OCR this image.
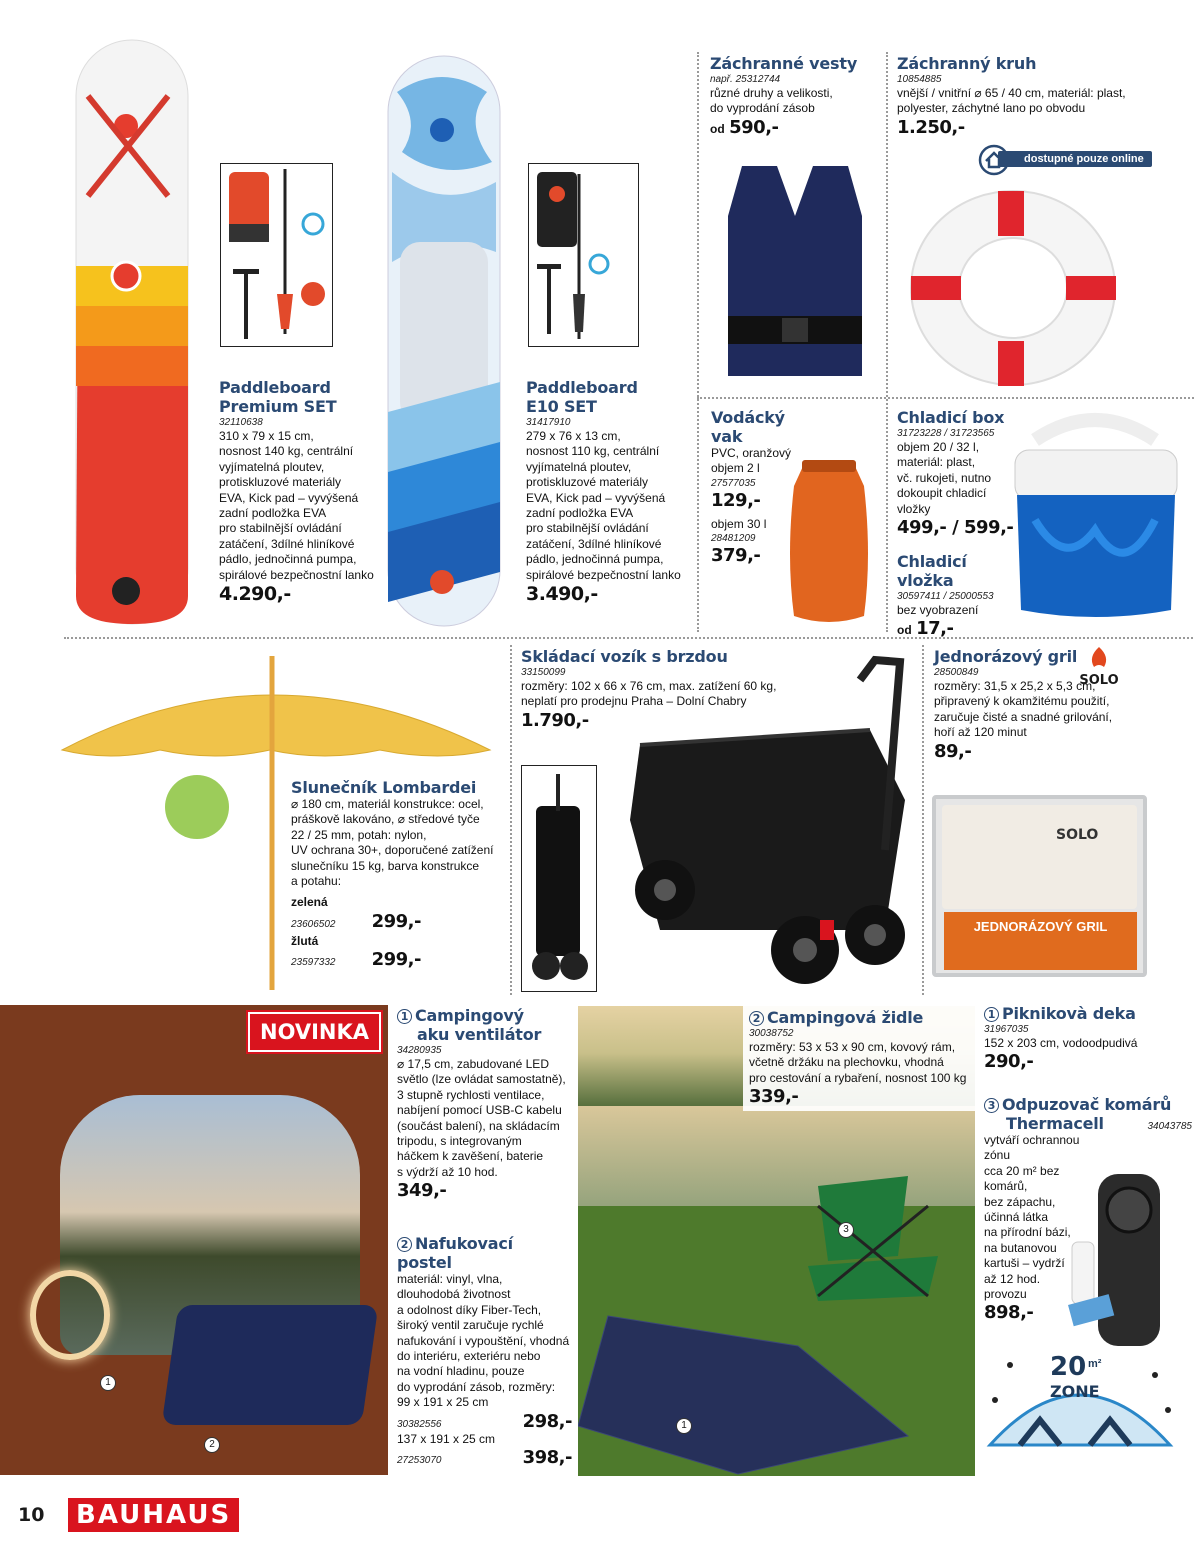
Paddleboard
Premium SET
32110638
310 x 79 x 15 cm,
nosnost 140 kg, centrální
vyjímatelná ploutev,
protiskluzové materiály
EVA, Kick pad – vyvýšená
zadní podložka EVA
pro stabilnější ovládání
zatáčení, 3dílné hliníkové
pádlo, jednočinná pumpa,
spirálové bezpečnostní lanko
4.290,-
Paddleboard
E10 SET
31417910
279 x 76 x 13 cm,
nosnost 110 kg, centrální
vyjímatelná ploutev,
protiskluzové materiály
EVA, Kick pad – vyvýšená
zadní podložka EVA
pro stabilnější ovládání
zatáčení, 3dílné hliníkové
pádlo, jednočinná pumpa,
spirálové bezpečnostní lanko
3.490,-
Záchranné vesty
např. 25312744
různé druhy a velikosti,
do vyprodání zásob
od 590,-
Záchranný kruh
10854885
vnější / vnitřní ⌀ 65 / 40 cm, materiál: plast,
polyester, záchytné lano po obvodu
1.250,-
dostupné pouze online
Vodácký vak
PVC, oranžový
objem 2 l
27577035
129,-
objem 30 l
28481209
379,-
Chladicí box
31723228 / 31723565
objem 20 / 32 l,
materiál: plast,
vč. rukojeti, nutno
dokoupit chladicí
vložky
499,- / 599,-
Chladicí vložka
30597411 / 25000553
bez vyobrazení
od 17,-
Slunečník Lombardei
⌀ 180 cm, materiál konstrukce: ocel,
práškově lakováno, ⌀ středové tyče
22 / 25 mm, potah: nylon,
UV ochrana 30+, doporučené zatížení
slunečníku 15 kg, barva konstrukce
a potahu:
zelená
23606502 299,-
žlutá
23597332 299,-
Skládací vozík s brzdou
33150099
rozměry: 102 x 66 x 76 cm, max. zatížení 60 kg,
neplatí pro prodejnu Praha – Dolní Chabry
1.790,-
Jednorázový gril
28500849
rozměry: 31,5 x 25,2 x 5,3 cm,
připravený k okamžitému použití,
zaručuje čisté a snadné grilování,
hoří až 120 minut
89,-
SOLO
SOLO
JEDNORÁZOVÝ GRIL
NOVINKA
1
2
1 Campingový
aku ventilátor
34280935
⌀ 17,5 cm, zabudované LED
světlo (lze ovládat samostatně),
3 stupně rychlosti ventilace,
nabíjení pomocí USB-C kabelu
(součást balení), na skládacím
tripodu, s integrovaným
háčkem k zavěšení, baterie
s výdrží až 10 hod.
349,-
2 Nafukovací postel
materiál: vinyl, vlna,
dlouhodobá životnost
a odolnost díky Fiber-Tech,
široký ventil zaručuje rychlé
nafukování i vypouštění, vhodná
do interiéru, exteriéru nebo
na vodní hladinu, pouze
do vyprodání zásob, rozměry:
99 x 191 x 25 cm
30382556	298,-
137 x 191 x 25 cm
27253070	398,-
1
3
2 Campingová židle
30038752
rozměry: 53 x 53 x 90 cm, kovový rám,
včetně držáku na plechovku, vhodná
pro cestování a rybaření, nosnost 100 kg
339,-
1 Piknikovà deka
31967035
152 x 203 cm, vodoodpudivá
290,-
3 Odpuzovač komárů
Thermacell	34043785
vytváří ochrannou zónu
cca 20 m² bez komárů,
bez zápachu,
účinná látka
na přírodní bázi,
na butanovou
kartuši – vydrží
až 12 hod.
provozu
898,-
20 m²
ZONE
10	BAUHAUS
